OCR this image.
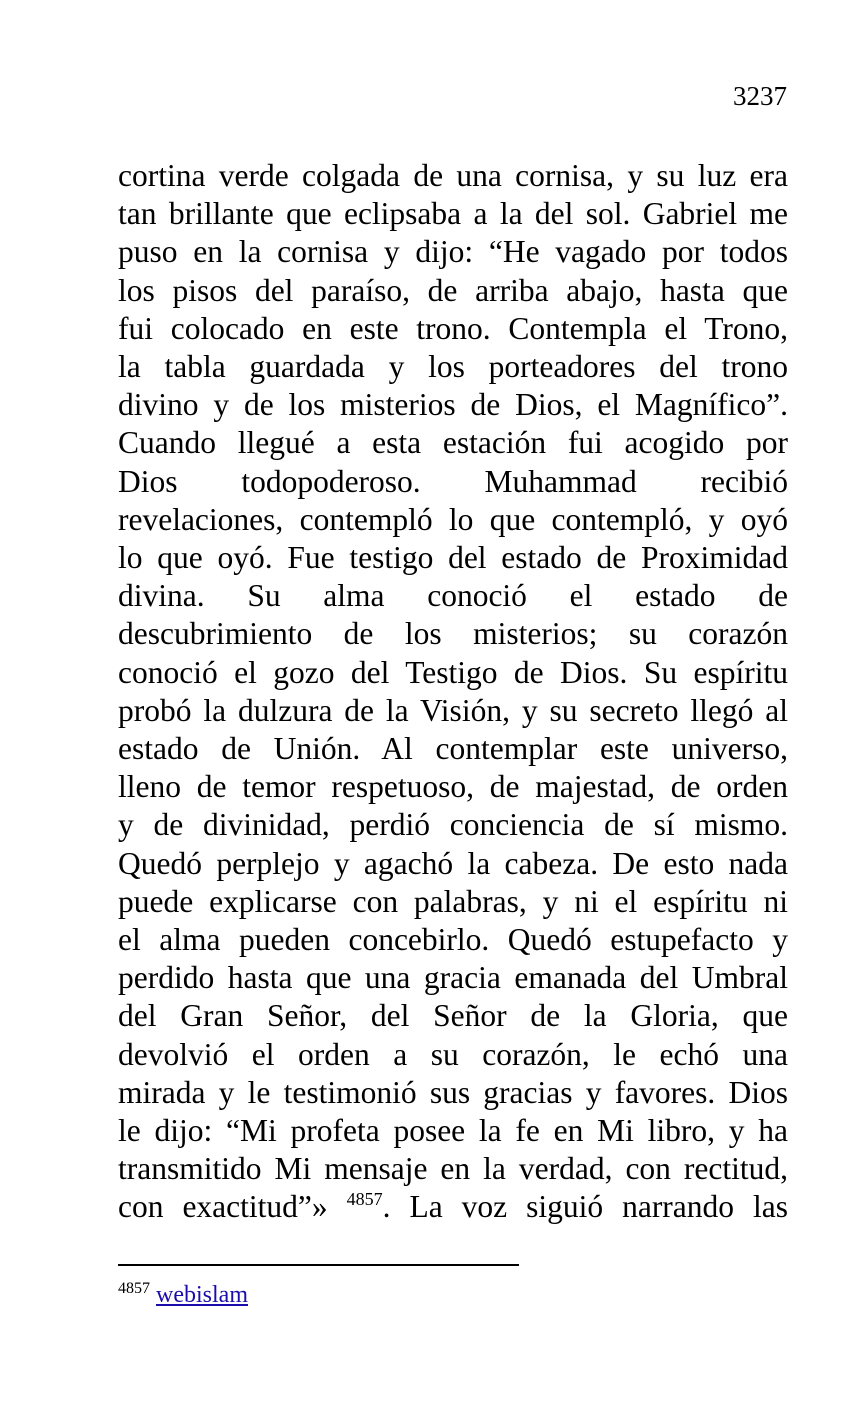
3237
cortina verde colgada de una cornisa, y su luz era
tan brillante que eclipsaba a la del sol. Gabriel me
puso en la cornisa y dijo: “He vagado por todos
los pisos del paraíso, de arriba abajo, hasta que
fui colocado en este trono. Contempla el Trono,
la tabla guardada y los porteadores del trono
divino y de los misterios de Dios, el Magnífico”.
Cuando llegué a esta estación fui acogido por
Dios todopoderoso. Muhammad recibió
revelaciones, contempló lo que contempló, y oyó
lo que oyó. Fue testigo del estado de Proximidad
divina. Su alma conoció el estado de
descubrimiento de los misterios; su corazón
conoció el gozo del Testigo de Dios. Su espíritu
probó la dulzura de la Visión, y su secreto llegó al
estado de Unión. Al contemplar este universo,
lleno de temor respetuoso, de majestad, de orden
y de divinidad, perdió conciencia de sí mismo.
Quedó perplejo y agachó la cabeza. De esto nada
puede explicarse con palabras, y ni el espíritu ni
el alma pueden concebirlo. Quedó estupefacto y
perdido hasta que una gracia emanada del Umbral
del Gran Señor, del Señor de la Gloria, que
devolvió el orden a su corazón, le echó una
mirada y le testimonió sus gracias y favores. Dios
le dijo: “Mi profeta posee la fe en Mi libro, y ha
transmitido Mi mensaje en la verdad, con rectitud,
con exactitud”» $^{4857}$. La voz siguió narrando las
$^{4857}$ webislam
